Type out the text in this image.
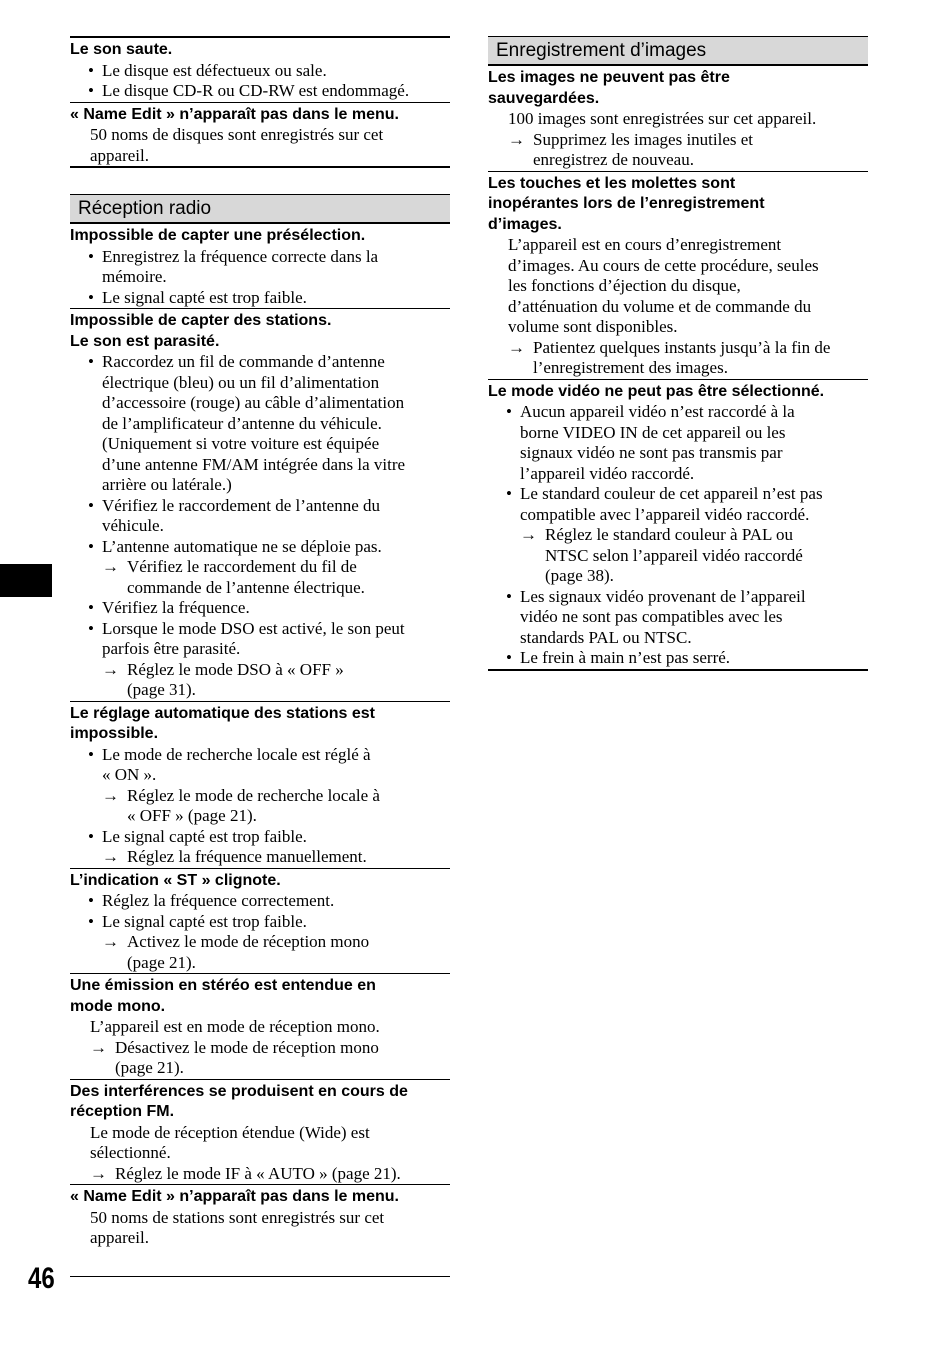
Le son saute.
• Le disque est défectueux ou sale.
• Le disque CD-R ou CD-RW est endommagé.
« Name Edit » n’apparaît pas dans le menu.
50 noms de disques sont enregistrés sur cet
appareil.
Réception radio
Impossible de capter une présélection.
• Enregistrez la fréquence correcte dans la
mémoire.
• Le signal capté est trop faible.
Impossible de capter des stations.
Le son est parasité.
• Raccordez un fil de commande d’antenne
électrique (bleu) ou un fil d’alimentation
d’accessoire (rouge) au câble d’alimentation
de l’amplificateur d’antenne du véhicule.
(Uniquement si votre voiture est équipée
d’une antenne FM/AM intégrée dans la vitre
arrière ou latérale.)
• Vérifiez le raccordement de l’antenne du
véhicule.
• L’antenne automatique ne se déploie pas.
→ Vérifiez le raccordement du fil de
commande de l’antenne électrique.
• Vérifiez la fréquence.
• Lorsque le mode DSO est activé, le son peut
parfois être parasité.
→ Réglez le mode DSO à « OFF »
(page 31).
Le réglage automatique des stations est
impossible.
• Le mode de recherche locale est réglé à
« ON ».
→ Réglez le mode de recherche locale à
« OFF » (page 21).
• Le signal capté est trop faible.
→ Réglez la fréquence manuellement.
L’indication « ST » clignote.
• Réglez la fréquence correctement.
• Le signal capté est trop faible.
→ Activez le mode de réception mono
(page 21).
Une émission en stéréo est entendue en
mode mono.
L’appareil est en mode de réception mono.
→ Désactivez le mode de réception mono
(page 21).
Des interférences se produisent en cours de
réception FM.
Le mode de réception étendue (Wide) est
sélectionné.
→ Réglez le mode IF à « AUTO » (page 21).
« Name Edit » n’apparaît pas dans le menu.
50 noms de stations sont enregistrés sur cet
appareil.
Enregistrement d’images
Les images ne peuvent pas être
sauvegardées.
100 images sont enregistrées sur cet appareil.
→ Supprimez les images inutiles et
enregistrez de nouveau.
Les touches et les molettes sont
inopérantes lors de l’enregistrement
d’images.
L’appareil est en cours d’enregistrement
d’images. Au cours de cette procédure, seules
les fonctions d’éjection du disque,
d’atténuation du volume et de commande du
volume sont disponibles.
→ Patientez quelques instants jusqu’à la fin de
l’enregistrement des images.
Le mode vidéo ne peut pas être sélectionné.
• Aucun appareil vidéo n’est raccordé à la
borne VIDEO IN de cet appareil ou les
signaux vidéo ne sont pas transmis par
l’appareil vidéo raccordé.
• Le standard couleur de cet appareil n’est pas
compatible avec l’appareil vidéo raccordé.
→ Réglez le standard couleur à PAL ou
NTSC selon l’appareil vidéo raccordé
(page 38).
• Les signaux vidéo provenant de l’appareil
vidéo ne sont pas compatibles avec les
standards PAL ou NTSC.
• Le frein à main n’est pas serré.
46
